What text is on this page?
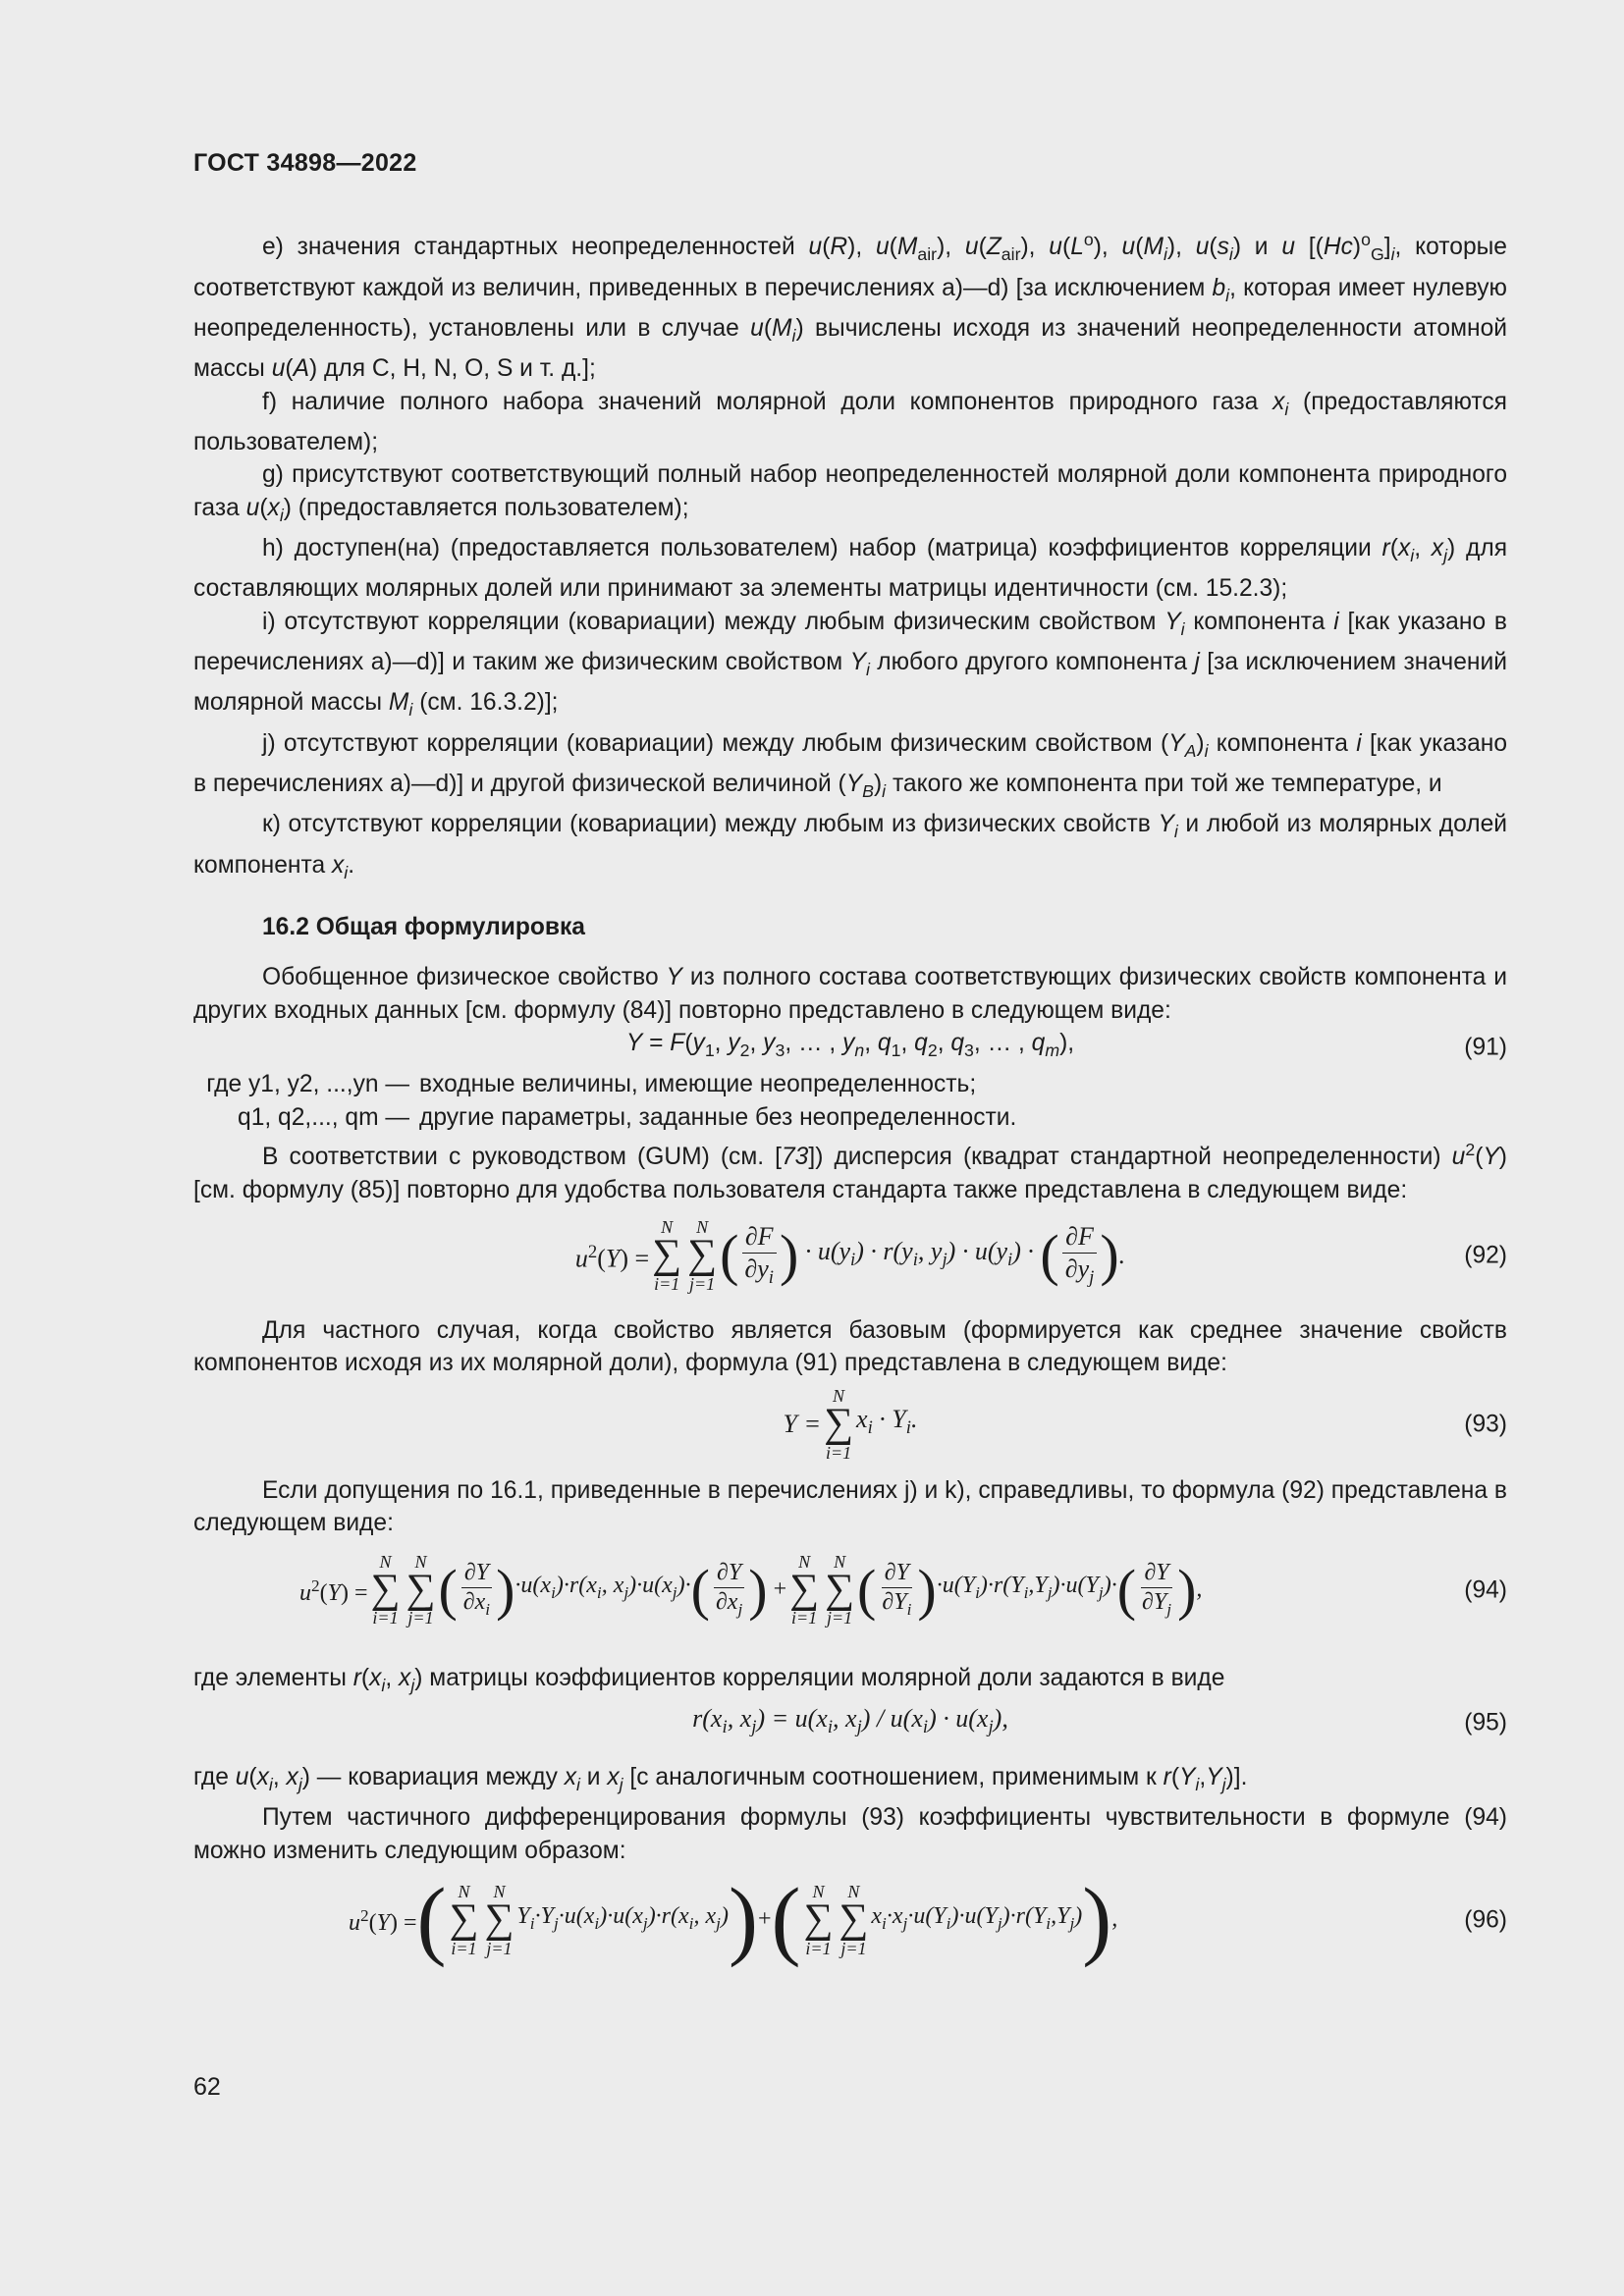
ГОСТ 34898—2022

е) значения стандартных неопределенностей u(R), $u(M_{air})$, $u(Z_{air})$, $u(L^o)$, $u(M_i)$, $u(s_i)$ и u $[(Hc)^o_G]_i$, которые соответствуют каждой из величин, приведенных в перечислениях а)—d) [за исключением $b_i$, которая имеет нулевую неопределенность), установлены или в случае $u(M_i)$ вычислены исходя из значений неопределенности атомной массы u(A) для С, Н, N, О, S и т. д.];

f) наличие полного набора значений молярной доли компонентов природного газа $x_i$ (предоставляются пользователем);

g) присутствуют соответствующий полный набор неопределенностей молярной доли компонента природного газа $u(x_i)$ (предоставляется пользователем);

h) доступен(на) (предоставляется пользователем) набор (матрица) коэффициентов корреляции $r(x_i$, $x_j$) для составляющих молярных долей или принимают за элементы матрицы идентичности (см. 15.2.3);

i) отсутствуют корреляции (ковариации) между любым физическим свойством $Y_i$ компонента i [как указано в перечислениях а)—d)] и таким же физическим свойством $Y_i$ любого другого компонента j [за исключением значений молярной массы $M_i$ (см. 16.3.2)];

j) отсутствуют корреляции (ковариации) между любым физическим свойством $(Y_A)_i$ компонента i [как указано в перечислениях а)—d)] и другой физической величиной $(Y_B)_i$ такого же компонента при той же температуре, и

к) отсутствуют корреляции (ковариации) между любым из физических свойств $Y_i$ и любой из молярных долей компонента $x_i$.

16.2 Общая формулировка

Обобщенное физическое свойство Y из полного состава соответствующих физических свойств компонента и других входных данных [см. формулу (84)] повторно представлено в следующем виде:

$Y = F(y_1$, $y_2$, $y_3$, … , $y_n$, $q_1$, $q_2$, $q_3$, … , $q_m$),	(91)
где y1, y2, ...,yn — входные величины, имеющие неопределенность;
q1, q2,..., qm — другие параметры, заданные без неопределенности.

В соответствии с руководством (GUM) (см. [73]) дисперсия (квадрат стандартной неопределенности) $u^2(Y)$ [см. формулу (85)] повторно для удобства пользователя стандарта также представлена в следующем виде:

$u^2(Y)$ =
N
∑
i=1
N
∑
j=1 ( $\frac{\partial F}{\partial y_i}$ ) · $u(y_i) \cdot r(y_i$, $y_j) \cdot u(y_i)$ · ( $\frac{\partial F}{\partial y_j}$ ) .	(92)

Для частного случая, когда свойство является базовым (формируется как среднее значение свойств компонентов исходя из их молярной доли), формула (91) представлена в следующем виде:

Y =
N
∑
i=1
$x_i \cdot Y_i$.	(93)

Если допущения по 16.1, приведенные в перечислениях j) и k), справедливы, то формула (92) представлена в следующем виде:

$u^2(Y)$ =
N
∑
i=1
N
∑
j=1 ( $\frac{\partial Y}{\partial x_i}$ ) $\cdot u(x_i)\cdot r(x_i$, $x_j)\cdot u(x_j)\cdot$ ( $\frac{\partial Y}{\partial x_j}$ ) +
N
∑
i=1
N
∑
j=1 ( $\frac{\partial Y}{\partial Y_i}$ ) $\cdot u(Y_i)\cdot r(Y_i,Y_j)\cdot u(Y_j)\cdot$ ( $\frac{\partial Y}{\partial Y_j}$ ) ,	(94)

где элементы $r(x_i$, $x_j$) матрицы коэффициентов корреляции молярной доли задаются в виде

$r(x_i$, $x_j) = u(x_i$, $x_j) / u(x_i) \cdot u(x_j)$,	(95)

где $u(x_i$, $x_j$) — ковариация между $x_i$ и $x_j$ [с аналогичным соотношением, применимым к $r(Y_i,Y_j)$].

Путем частичного дифференцирования формулы (93) коэффициенты чувствительности в формуле (94) можно изменить следующим образом:

$u^2(Y)$ = ( N
∑
i=1
N
∑
j=1
$Y_i\cdot Y_j\cdot u(x_i)\cdot u(x_j)\cdot r(x_i$, $x_j$) ) + ( N
∑
i=1
N
∑
j=1
$x_i\cdot x_j\cdot u(Y_i)\cdot u(Y_j)\cdot r(Y_i,Y_j)$ ) ,	(96)
62
